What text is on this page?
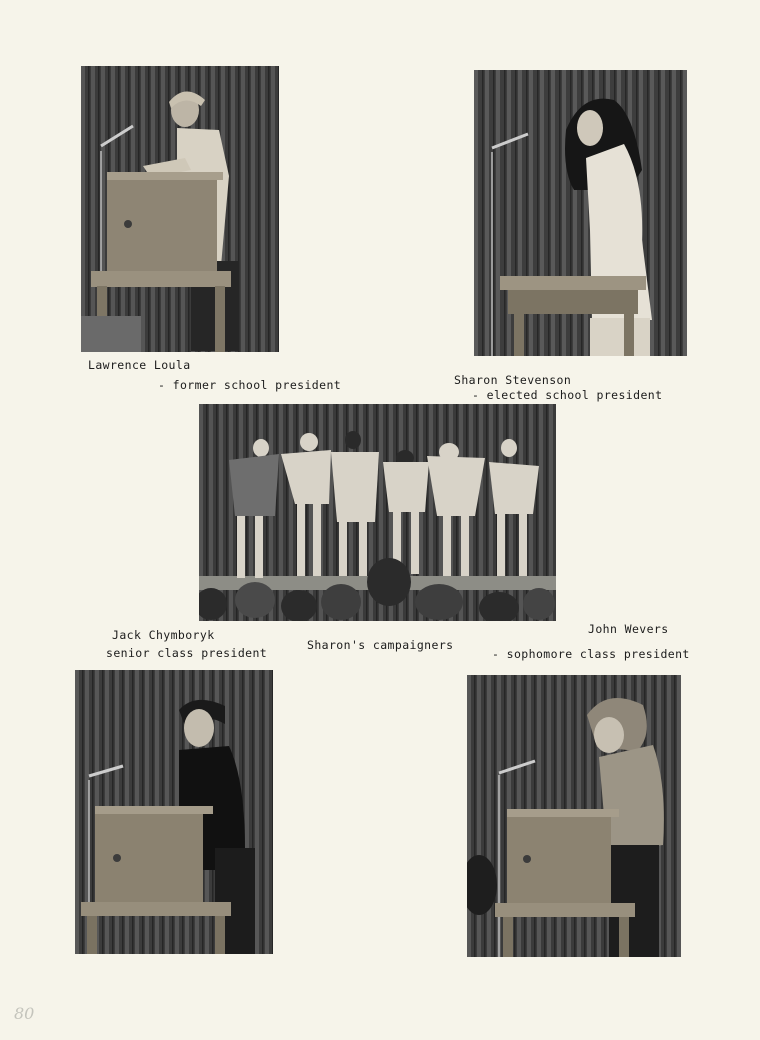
Lawrence Loula
- former school president	Sharon Stevenson
- elected school president
Sharon's campaigners
Jack Chymboryk
senior class president
John Wevers
- sophomore class president
80
